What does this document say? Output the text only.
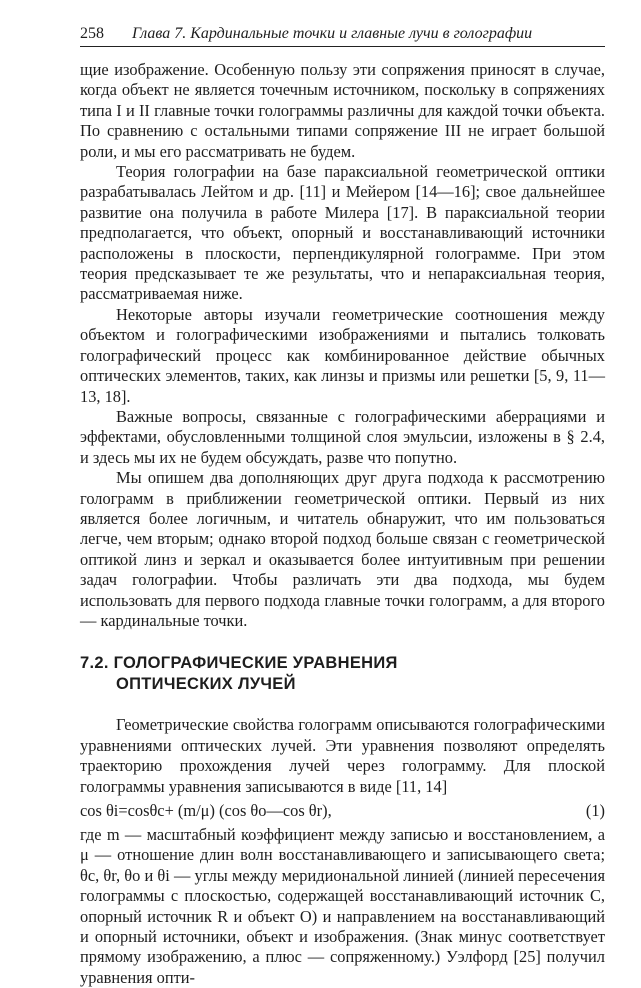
258 Глава 7. Кардинальные точки и главные лучи в голографии

щие изображение. Особенную пользу эти сопряжения приносят в случае, когда объект не является точечным источником, поскольку в сопряжениях типа I и II главные точки голограммы различны для каждой точки объекта. По сравнению с остальными типами сопряжение III не играет большой роли, и мы его рассматривать не будем.

Теория голографии на базе параксиальной геометрической оптики разрабатывалась Лейтом и др. [11] и Мейером [14—16]; свое дальнейшее развитие она получила в работе Милера [17]. В параксиальной теории предполагается, что объект, опорный и восстанавливающий источники расположены в плоскости, перпендикулярной голограмме. При этом теория предсказывает те же результаты, что и непараксиальная теория, рассматриваемая ниже.

Некоторые авторы изучали геометрические соотношения между объектом и голографическими изображениями и пытались толковать голографический процесс как комбинированное действие обычных оптических элементов, таких, как линзы и призмы или решетки [5, 9, 11—13, 18].

Важные вопросы, связанные с голографическими аберрациями и эффектами, обусловленными толщиной слоя эмульсии, изложены в § 2.4, и здесь мы их не будем обсуждать, разве что попутно.

Мы опишем два дополняющих друг друга подхода к рассмотрению голограмм в приближении геометрической оптики. Первый из них является более логичным, и читатель обнаружит, что им пользоваться легче, чем вторым; однако второй подход больше связан с геометрической оптикой линз и зеркал и оказывается более интуитивным при решении задач голографии. Чтобы различать эти два подхода, мы будем использовать для первого подхода главные точки голограмм, а для второго — кардинальные точки.

7.2. ГОЛОГРАФИЧЕСКИЕ УРАВНЕНИЯ
ОПТИЧЕСКИХ ЛУЧЕЙ

Геометрические свойства голограмм описываются голографическими уравнениями оптических лучей. Эти уравнения позволяют определять траекторию прохождения лучей через голограмму. Для плоской голограммы уравнения записываются в виде [11, 14]

cos θi=cosθc+ (m/μ) (cos θo—cos θr),	(1)

где m — масштабный коэффициент между записью и восстановлением, а μ — отношение длин волн восстанавливающего и записывающего света; θc, θr, θo и θi — углы между меридиональной линией (линией пересечения голограммы с плоскостью, содержащей восстанавливающий источник C, опорный источник R и объект O) и направлением на восстанавливающий и опорный источники, объект и изображения. (Знак минус соответствует прямому изображению, а плюс — сопряженному.) Уэлфорд [25] получил уравнения опти-
